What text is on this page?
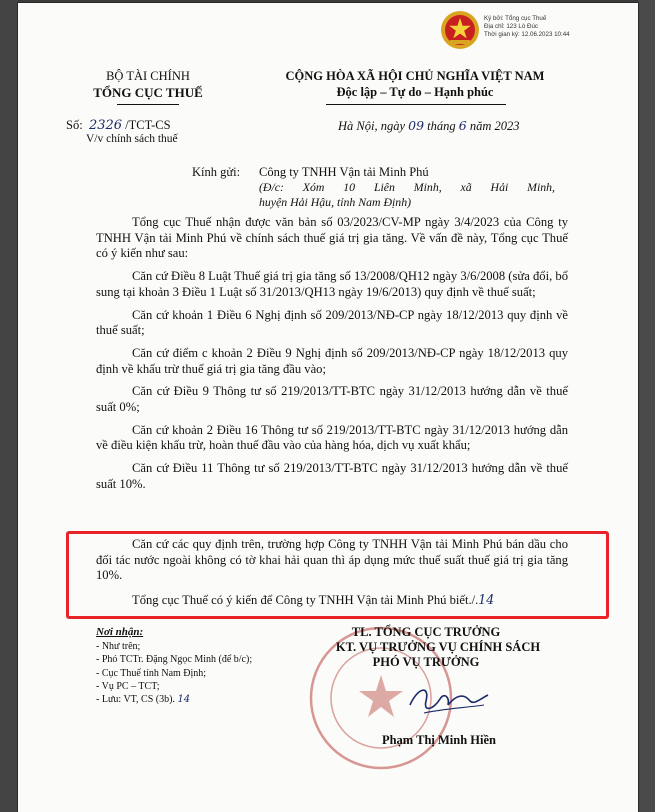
Ký bởi: Tổng cục Thuế
Địa chỉ: 123 Lò Đúc
Thời gian ký: 12.06.2023 10:44
BỘ TÀI CHÍNH
TỔNG CỤC THUẾ
CỘNG HÒA XÃ HỘI CHỦ NGHĨA VIỆT NAM
Độc lập – Tự do – Hạnh phúc
Số: 2326 /TCT-CS
V/v chính sách thuế
Hà Nội, ngày 09 tháng 6 năm 2023
Kính gửi: Công ty TNHH Vận tải Minh Phú
(Đ/c: Xóm 10 Liên Minh, xã Hải Minh,
huyện Hải Hậu, tỉnh Nam Định)

Tổng cục Thuế nhận được văn bản số 03/2023/CV-MP ngày 3/4/2023 của Công ty TNHH Vận tải Minh Phú về chính sách thuế giá trị gia tăng. Về vấn đề này, Tổng cục Thuế có ý kiến như sau:

Căn cứ Điều 8 Luật Thuế giá trị gia tăng số 13/2008/QH12 ngày 3/6/2008 (sửa đổi, bổ sung tại khoản 3 Điều 1 Luật số 31/2013/QH13 ngày 19/6/2013) quy định về thuế suất;

Căn cứ khoản 1 Điều 6 Nghị định số 209/2013/NĐ-CP ngày 18/12/2013 quy định về thuế suất;

Căn cứ điểm c khoản 2 Điều 9 Nghị định số 209/2013/NĐ-CP ngày 18/12/2013 quy định về khấu trừ thuế giá trị gia tăng đầu vào;

Căn cứ Điều 9 Thông tư số 219/2013/TT-BTC ngày 31/12/2013 hướng dẫn về thuế suất 0%;

Căn cứ khoản 2 Điều 16 Thông tư số 219/2013/TT-BTC ngày 31/12/2013 hướng dẫn về điều kiện khấu trừ, hoàn thuế đầu vào của hàng hóa, dịch vụ xuất khẩu;

Căn cứ Điều 11 Thông tư số 219/2013/TT-BTC ngày 31/12/2013 hướng dẫn về thuế suất 10%.

Căn cứ các quy định trên, trường hợp Công ty TNHH Vận tải Minh Phú bán dầu cho đối tác nước ngoài không có tờ khai hải quan thì áp dụng mức thuế suất thuế giá trị gia tăng 10%.

Tổng cục Thuế có ý kiến để Công ty TNHH Vận tải Minh Phú biết./.14
Nơi nhận:
- Như trên;
- Phó TCTr. Đặng Ngọc Minh (để b/c);
- Cục Thuế tỉnh Nam Định;
- Vụ PC – TCT;
- Lưu: VT, CS (3b). 14
TL. TỔNG CỤC TRƯỞNG
KT. VỤ TRƯỞNG VỤ CHÍNH SÁCH
PHÓ VỤ TRƯỞNG
Phạm Thị Minh Hiền
